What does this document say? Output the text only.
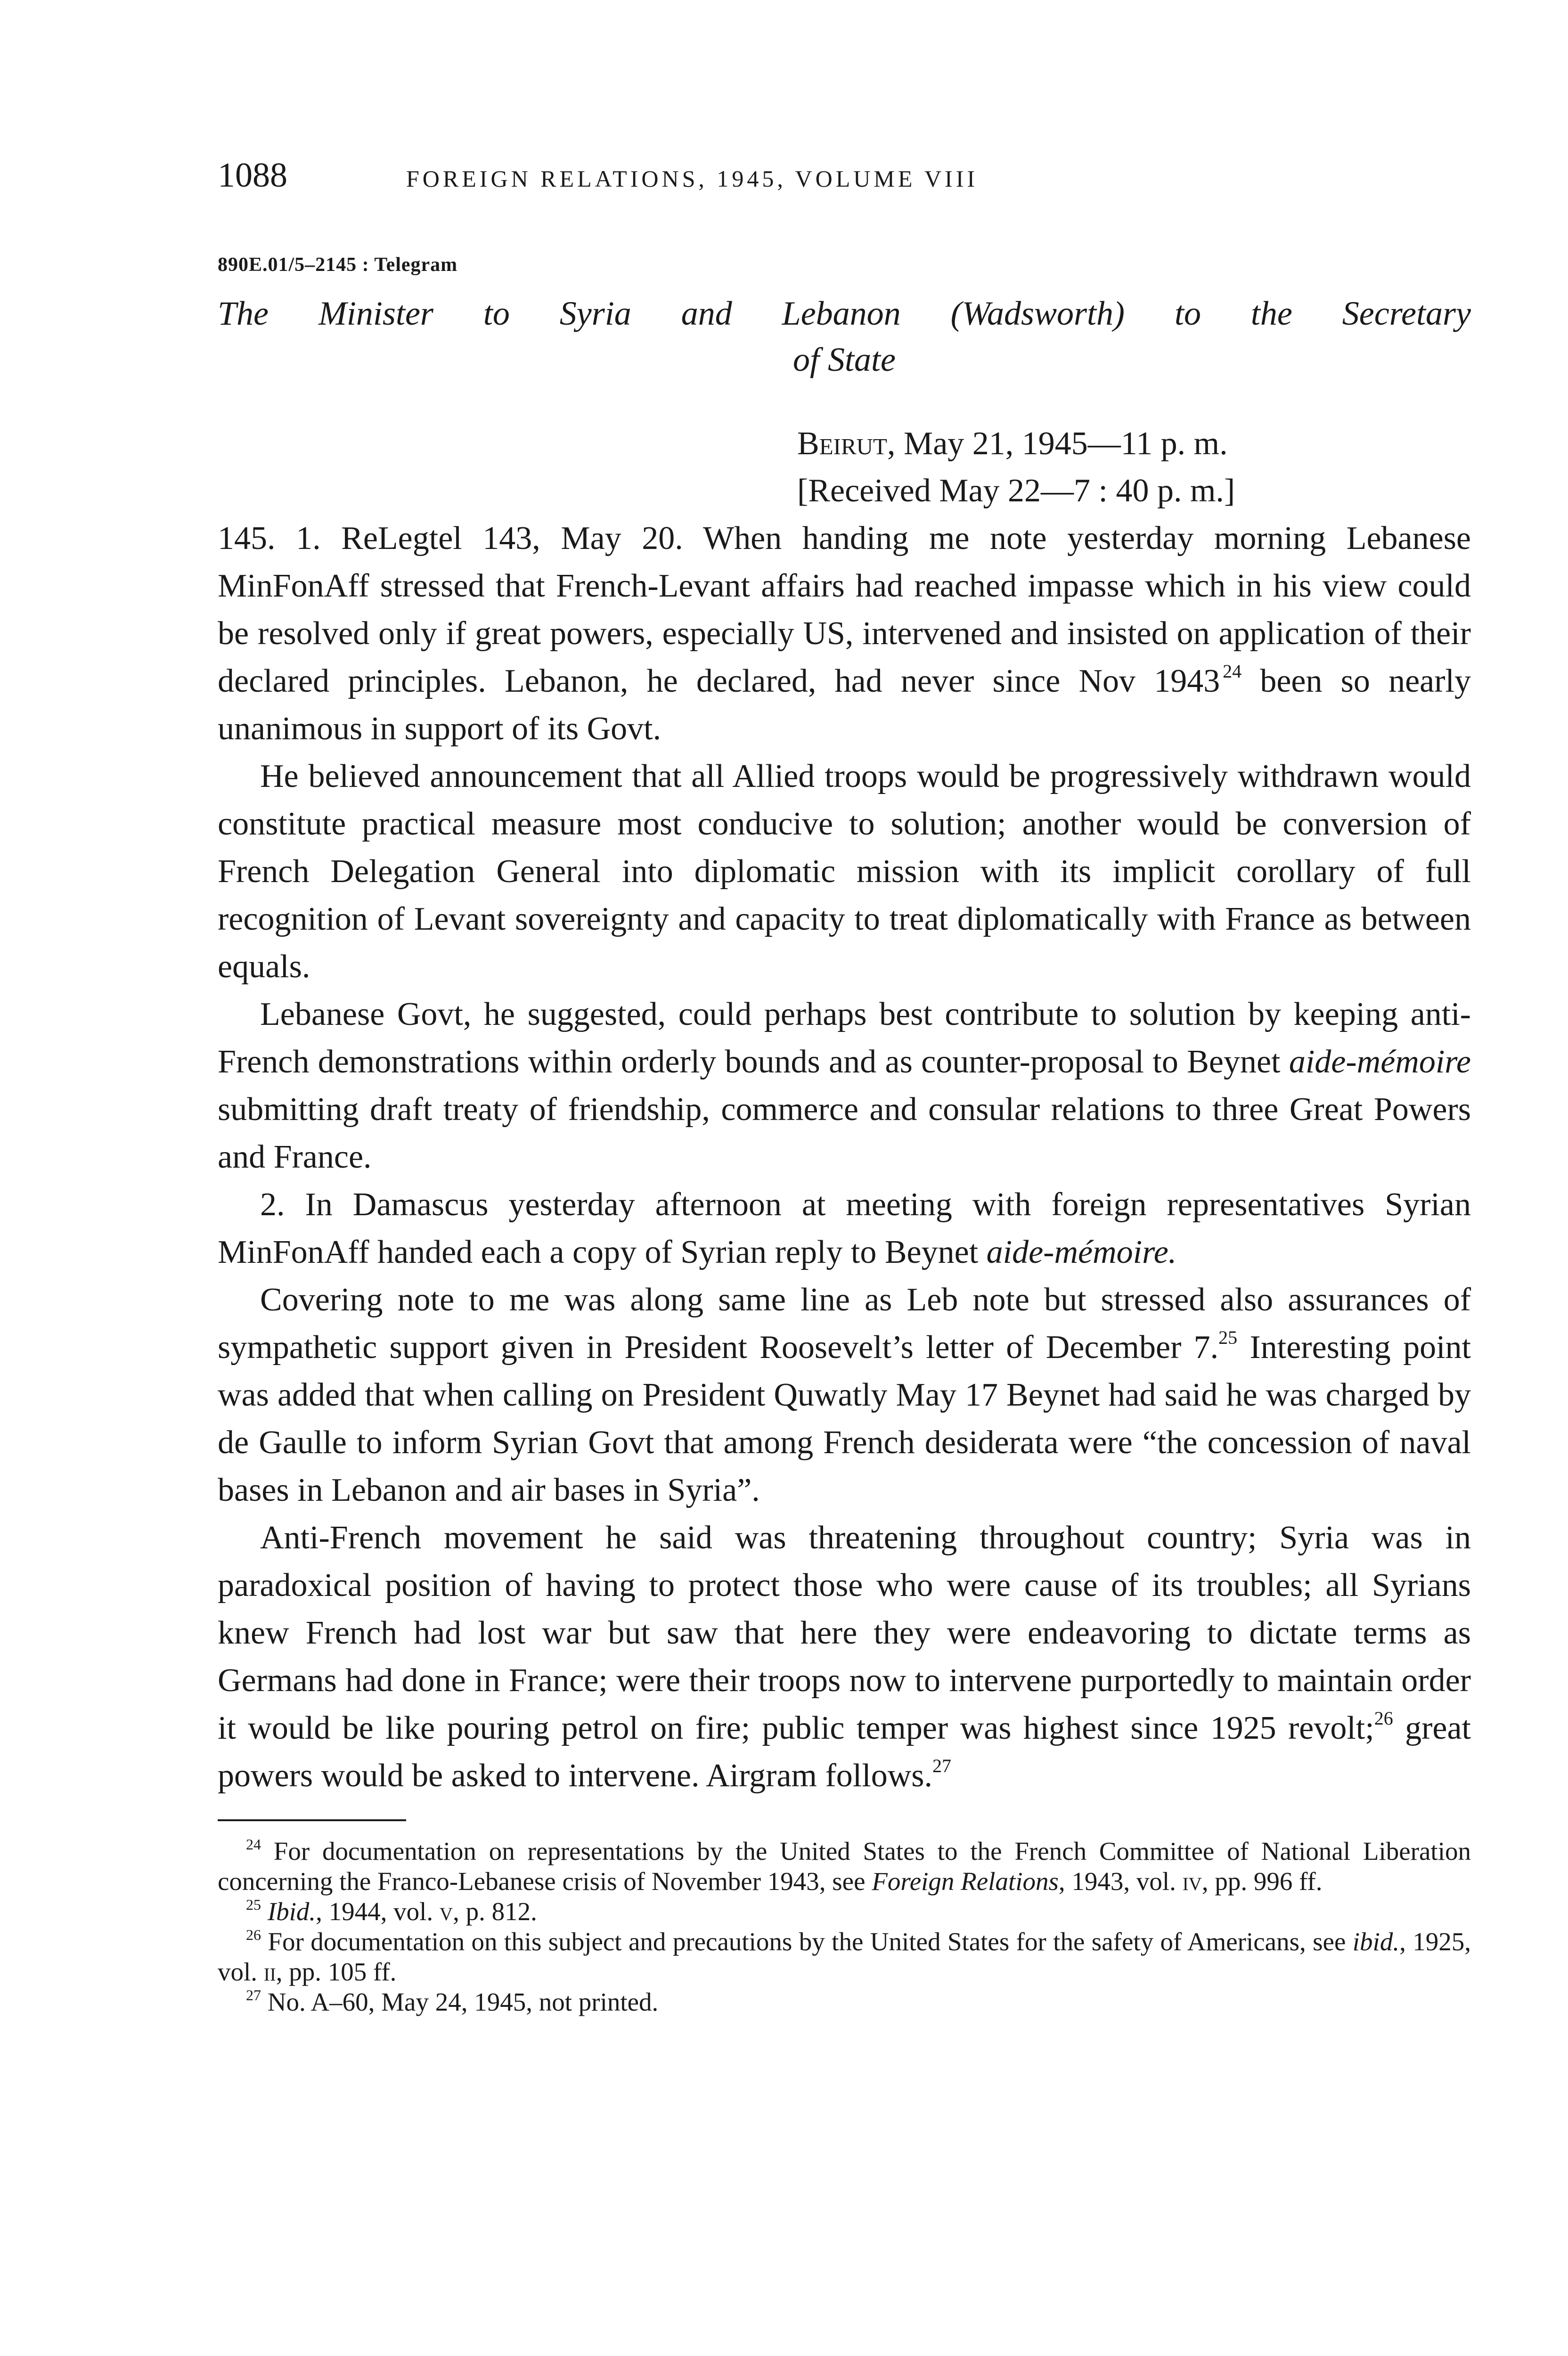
1088	FOREIGN RELATIONS, 1945, VOLUME VIII
890E.01/5–2145 : Telegram
The Minister to Syria and Lebanon (Wadsworth) to the Secretary
of State
Beirut, May 21, 1945—11 p. m.
[Received May 22—7 : 40 p. m.]

145. 1. ReLegtel 143, May 20. When handing me note yesterday morning Lebanese MinFonAff stressed that French-Levant affairs had reached impasse which in his view could be resolved only if great powers, especially US, intervened and insisted on application of their declared principles. Lebanon, he declared, had never since Nov 1943  $^{24}$ been so nearly unanimous in support of its Govt.

He believed announcement that all Allied troops would be progressively withdrawn would constitute practical measure most conducive to solution; another would be conversion of French Delegation General into diplomatic mission with its implicit corollary of full recognition of Levant sovereignty and capacity to treat diplomatically with France as between equals.

Lebanese Govt, he suggested, could perhaps best contribute to solution by keeping anti-French demonstrations within orderly bounds and as counter-proposal to Beynet aide-mémoire submitting draft treaty of friendship, commerce and consular relations to three Great Powers and France.

2. In Damascus yesterday afternoon at meeting with foreign representatives Syrian MinFonAff handed each a copy of Syrian reply to Beynet aide-mémoire.

Covering note to me was along same line as Leb note but stressed also assurances of sympathetic support given in President Roosevelt’s letter of December 7.25 Interesting point was added that when calling on President Quwatly May 17 Beynet had said he was charged by de Gaulle to inform Syrian Govt that among French desiderata were “the concession of naval bases in Lebanon and air bases in Syria”.

Anti-French movement he said was threatening throughout country; Syria was in paradoxical position of having to protect those who were cause of its troubles; all Syrians knew French had lost war but saw that here they were endeavoring to dictate terms as Germans had done in France; were their troops now to intervene purportedly to maintain order it would be like pouring petrol on fire; public temper was highest since 1925 revolt;$^{26}$ great powers would be asked to intervene. Airgram follows.$^{27}$

$^{24}$ For documentation on representations by the United States to the French Committee of National Liberation concerning the Franco-Lebanese crisis of November 1943, see Foreign Relations, 1943, vol. iv, pp. 996 ff.

$^{25}$ Ibid., 1944, vol. v, p. 812.

$^{26}$ For documentation on this subject and precautions by the United States for the safety of Americans, see ibid., 1925, vol. ii, pp. 105 ff.

$^{27}$ No. A–60, May 24, 1945, not printed.
